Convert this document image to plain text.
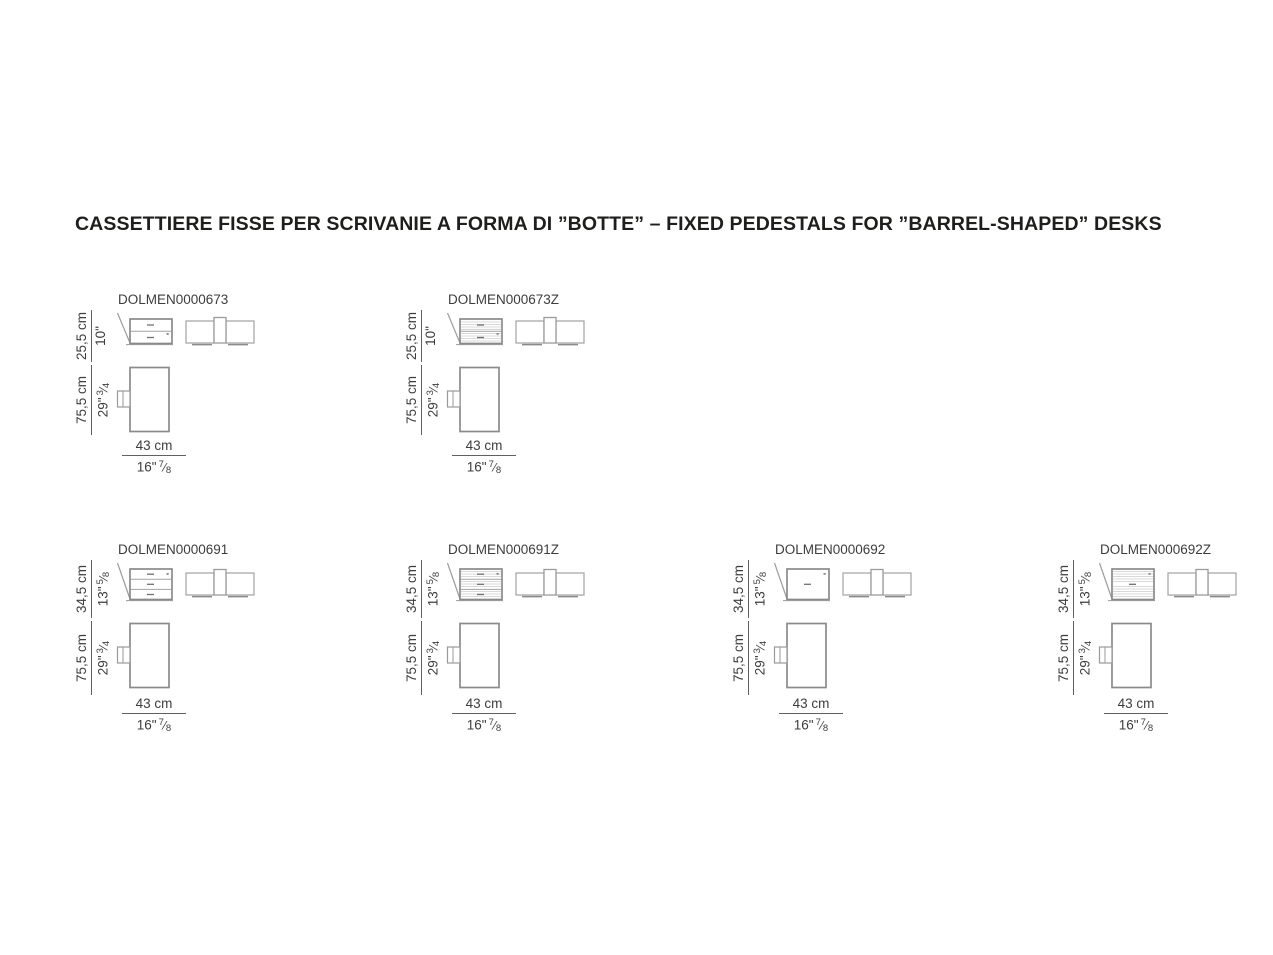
CASSETTIERE FISSE PER SCRIVANIE A FORMA DI ”BOTTE” – FIXED PEDESTALS FOR ”BARREL-SHAPED” DESKS
DOLMEN0000673
25,5 cm 10"
75,5 cm $29"^3⁄_4$
43 cm
16" $^7⁄_8$
DOLMEN000673Z
25,5 cm 10"
75,5 cm $29"^3⁄_4$
43 cm
16" $^7⁄_8$
DOLMEN0000691
34,5 cm $13"^5⁄_8$
75,5 cm $29"^3⁄_4$
43 cm
16" $^7⁄_8$
DOLMEN000691Z
34,5 cm $13"^5⁄_8$
75,5 cm $29"^3⁄_4$
43 cm
16" $^7⁄_8$
DOLMEN0000692
34,5 cm $13"^5⁄_8$
75,5 cm $29"^3⁄_4$
43 cm
16" $^7⁄_8$
DOLMEN000692Z
34,5 cm $13"^5⁄_8$
75,5 cm $29"^3⁄_4$
43 cm
16" $^7⁄_8$
